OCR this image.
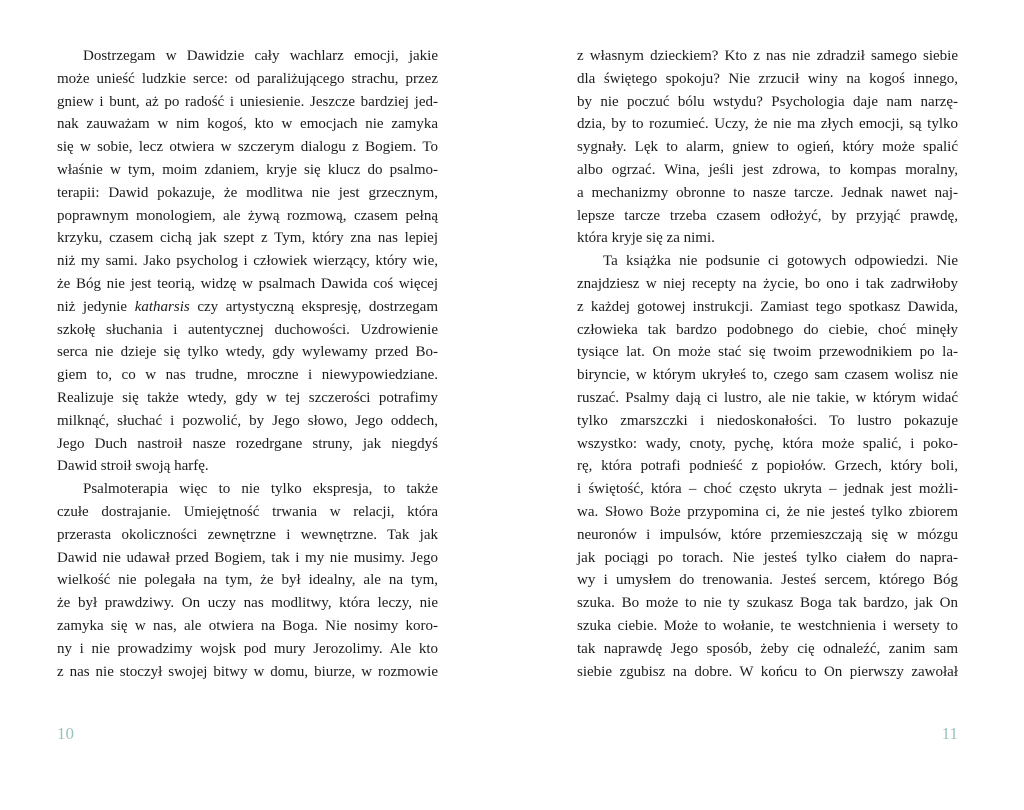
Dostrzegam w Dawidzie cały wachlarz emocji, jakie
może unieść ludzkie serce: od paraliżującego strachu, przez
gniew i bunt, aż po radość i uniesienie. Jeszcze bardziej jed-
nak zauważam w nim kogoś, kto w emocjach nie zamyka
się w sobie, lecz otwiera w szczerym dialogu z Bogiem. To
właśnie w tym, moim zdaniem, kryje się klucz do psalmo-
terapii: Dawid pokazuje, że modlitwa nie jest grzecznym,
poprawnym monologiem, ale żywą rozmową, czasem pełną
krzyku, czasem cichą jak szept z Tym, który zna nas lepiej
niż my sami. Jako psycholog i człowiek wierzący, który wie,
że Bóg nie jest teorią, widzę w psalmach Dawida coś więcej
niż jedynie katharsis czy artystyczną ekspresję, dostrzegam
szkołę słuchania i autentycznej duchowości. Uzdrowienie
serca nie dzieje się tylko wtedy, gdy wylewamy przed Bo-
giem to, co w nas trudne, mroczne i niewypowiedziane.
Realizuje się także wtedy, gdy w tej szczerości potrafimy
milknąć, słuchać i pozwolić, by Jego słowo, Jego oddech,
Jego Duch nastroił nasze rozedrgane struny, jak niegdyś
Dawid stroił swoją harfę.
Psalmoterapia więc to nie tylko ekspresja, to także
czułe dostrajanie. Umiejętność trwania w relacji, która
przerasta okoliczności zewnętrzne i wewnętrzne. Tak jak
Dawid nie udawał przed Bogiem, tak i my nie musimy. Jego
wielkość nie polegała na tym, że był idealny, ale na tym,
że był prawdziwy. On uczy nas modlitwy, która leczy, nie
zamyka się w nas, ale otwiera na Boga. Nie nosimy koro-
ny i nie prowadzimy wojsk pod mury Jerozolimy. Ale kto
z nas nie stoczył swojej bitwy w domu, biurze, w rozmowie
10
z własnym dzieckiem? Kto z nas nie zdradził samego siebie
dla świętego spokoju? Nie zrzucił winy na kogoś innego,
by nie poczuć bólu wstydu? Psychologia daje nam narzę-
dzia, by to rozumieć. Uczy, że nie ma złych emocji, są tylko
sygnały. Lęk to alarm, gniew to ogień, który może spalić
albo ogrzać. Wina, jeśli jest zdrowa, to kompas moralny,
a mechanizmy obronne to nasze tarcze. Jednak nawet naj-
lepsze tarcze trzeba czasem odłożyć, by przyjąć prawdę,
która kryje się za nimi.
Ta książka nie podsunie ci gotowych odpowiedzi. Nie
znajdziesz w niej recepty na życie, bo ono i tak zadrwiłoby
z każdej gotowej instrukcji. Zamiast tego spotkasz Dawida,
człowieka tak bardzo podobnego do ciebie, choć minęły
tysiące lat. On może stać się twoim przewodnikiem po la-
biryncie, w którym ukryłeś to, czego sam czasem wolisz nie
ruszać. Psalmy dają ci lustro, ale nie takie, w którym widać
tylko zmarszczki i niedoskonałości. To lustro pokazuje
wszystko: wady, cnoty, pychę, która może spalić, i poko-
rę, która potrafi podnieść z popiołów. Grzech, który boli,
i świętość, która – choć często ukryta – jednak jest możli-
wa. Słowo Boże przypomina ci, że nie jesteś tylko zbiorem
neuronów i impulsów, które przemieszczają się w mózgu
jak pociągi po torach. Nie jesteś tylko ciałem do napra-
wy i umysłem do trenowania. Jesteś sercem, którego Bóg
szuka. Bo może to nie ty szukasz Boga tak bardzo, jak On
szuka ciebie. Może to wołanie, te westchnienia i wersety to
tak naprawdę Jego sposób, żeby cię odnaleźć, zanim sam
siebie zgubisz na dobre. W końcu to On pierwszy zawołał
11
